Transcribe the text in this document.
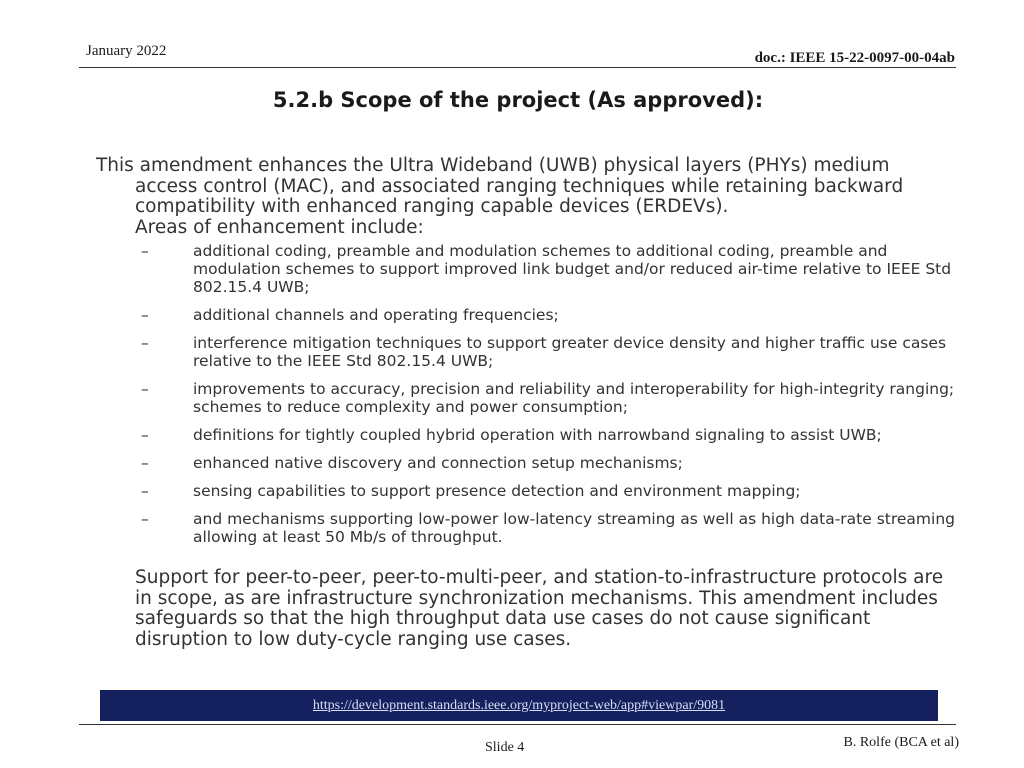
January 2022	doc.: IEEE 15-22-0097-00-04ab
5.2.b Scope of the project (As approved):

This amendment enhances the Ultra Wideband (UWB) physical layers (PHYs) medium access control (MAC), and associated ranging techniques while retaining backward compatibility with enhanced ranging capable devices (ERDEVs).

Areas of enhancement include:

–	additional coding, preamble and modulation schemes to additional coding, preamble and modulation schemes to support improved link budget and/or reduced air-time relative to IEEE Std 802.15.4 UWB;
–	additional channels and operating frequencies;
–	interference mitigation techniques to support greater device density and higher traffic use cases relative to the IEEE Std 802.15.4 UWB;
–	improvements to accuracy, precision and reliability and interoperability for high-integrity ranging; schemes to reduce complexity and power consumption;
–	definitions for tightly coupled hybrid operation with narrowband signaling to assist UWB;
–	enhanced native discovery and connection setup mechanisms;
–	sensing capabilities to support presence detection and environment mapping;
–	and mechanisms supporting low-power low-latency streaming as well as high data-rate streaming allowing at least 50 Mb/s of throughput.

Support for peer-to-peer, peer-to-multi-peer, and station-to-infrastructure protocols are in scope, as are infrastructure synchronization mechanisms. This amendment includes safeguards so that the high throughput data use cases do not cause significant disruption to low duty-cycle ranging use cases.

https://development.standards.ieee.org/myproject-web/app#viewpar/9081
Slide 4	B. Rolfe (BCA et al)
